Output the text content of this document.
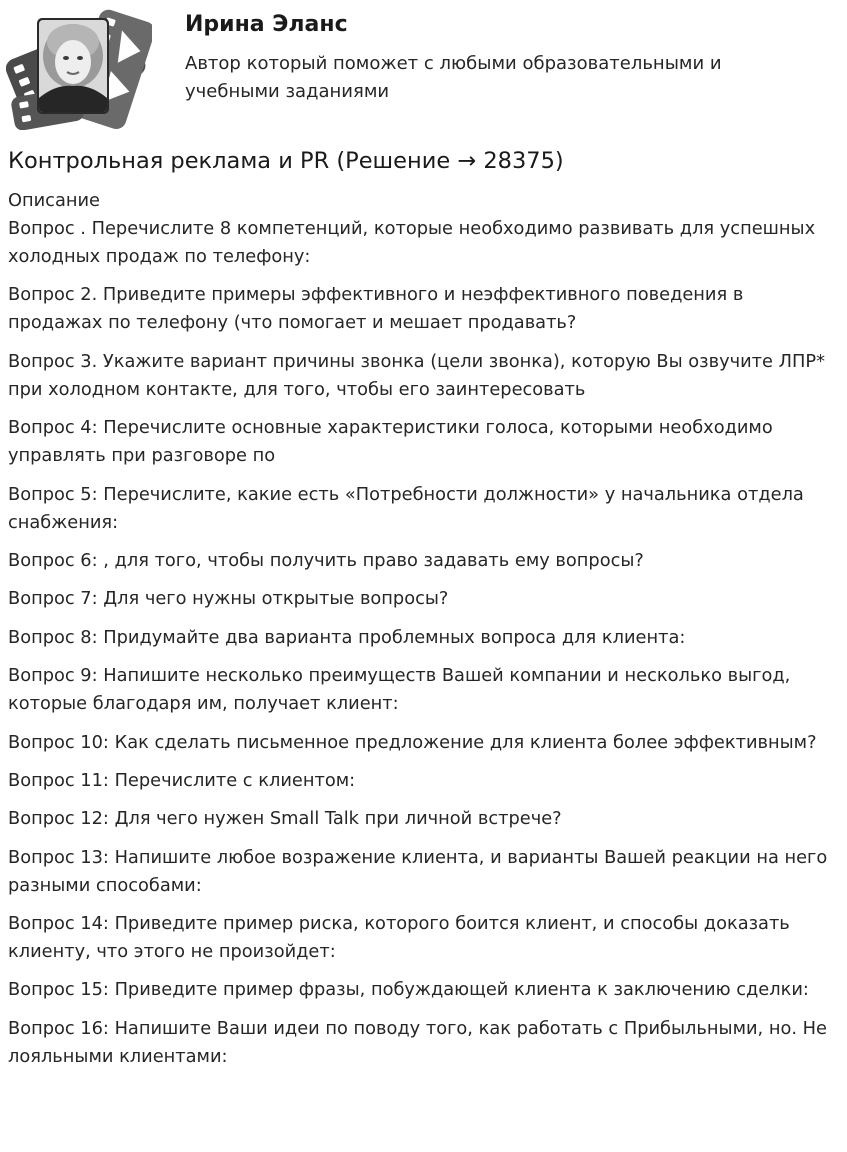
Ирина Эланс
Автор который поможет с любыми образовательными и учебными заданиями
Контрольная реклама и PR (Решение → 28375)
Описание

Вопрос . Перечислите 8 компетенций, которые необходимо развивать для успешных холодных продаж по телефону:

Вопрос 2. Приведите примеры эффективного и неэффективного поведения в продажах по телефону (что помогает и мешает продавать?

Вопрос 3. Укажите вариант причины звонка (цели звонка), которую Вы озвучите ЛПР* при холодном контакте, для того, чтобы его заинтересовать

Вопрос 4: Перечислите основные характеристики голоса, которыми необходимо управлять при разговоре по

Вопрос 5: Перечислите, какие есть «Потребности должности» у начальника отдела снабжения:

Вопрос 6: , для того, чтобы получить право задавать ему вопросы?

Вопрос 7: Для чего нужны открытые вопросы?

Вопрос 8: Придумайте два варианта проблемных вопроса для клиента:

Вопрос 9: Напишите несколько преимуществ Вашей компании и несколько выгод, которые благодаря им, получает клиент:

Вопрос 10: Как сделать письменное предложение для клиента более эффективным?

Вопрос 11: Перечислите с клиентом:

Вопрос 12: Для чего нужен Small Talk при личной встрече?

Вопрос 13: Напишите любое возражение клиента, и варианты Вашей реакции на него разными способами:

Вопрос 14: Приведите пример риска, которого боится клиент, и способы доказать клиенту, что этого не произойдет:

Вопрос 15: Приведите пример фразы, побуждающей клиента к заключению сделки:

Вопрос 16: Напишите Ваши идеи по поводу того, как работать с Прибыльными, но. Не лояльными клиентами:
